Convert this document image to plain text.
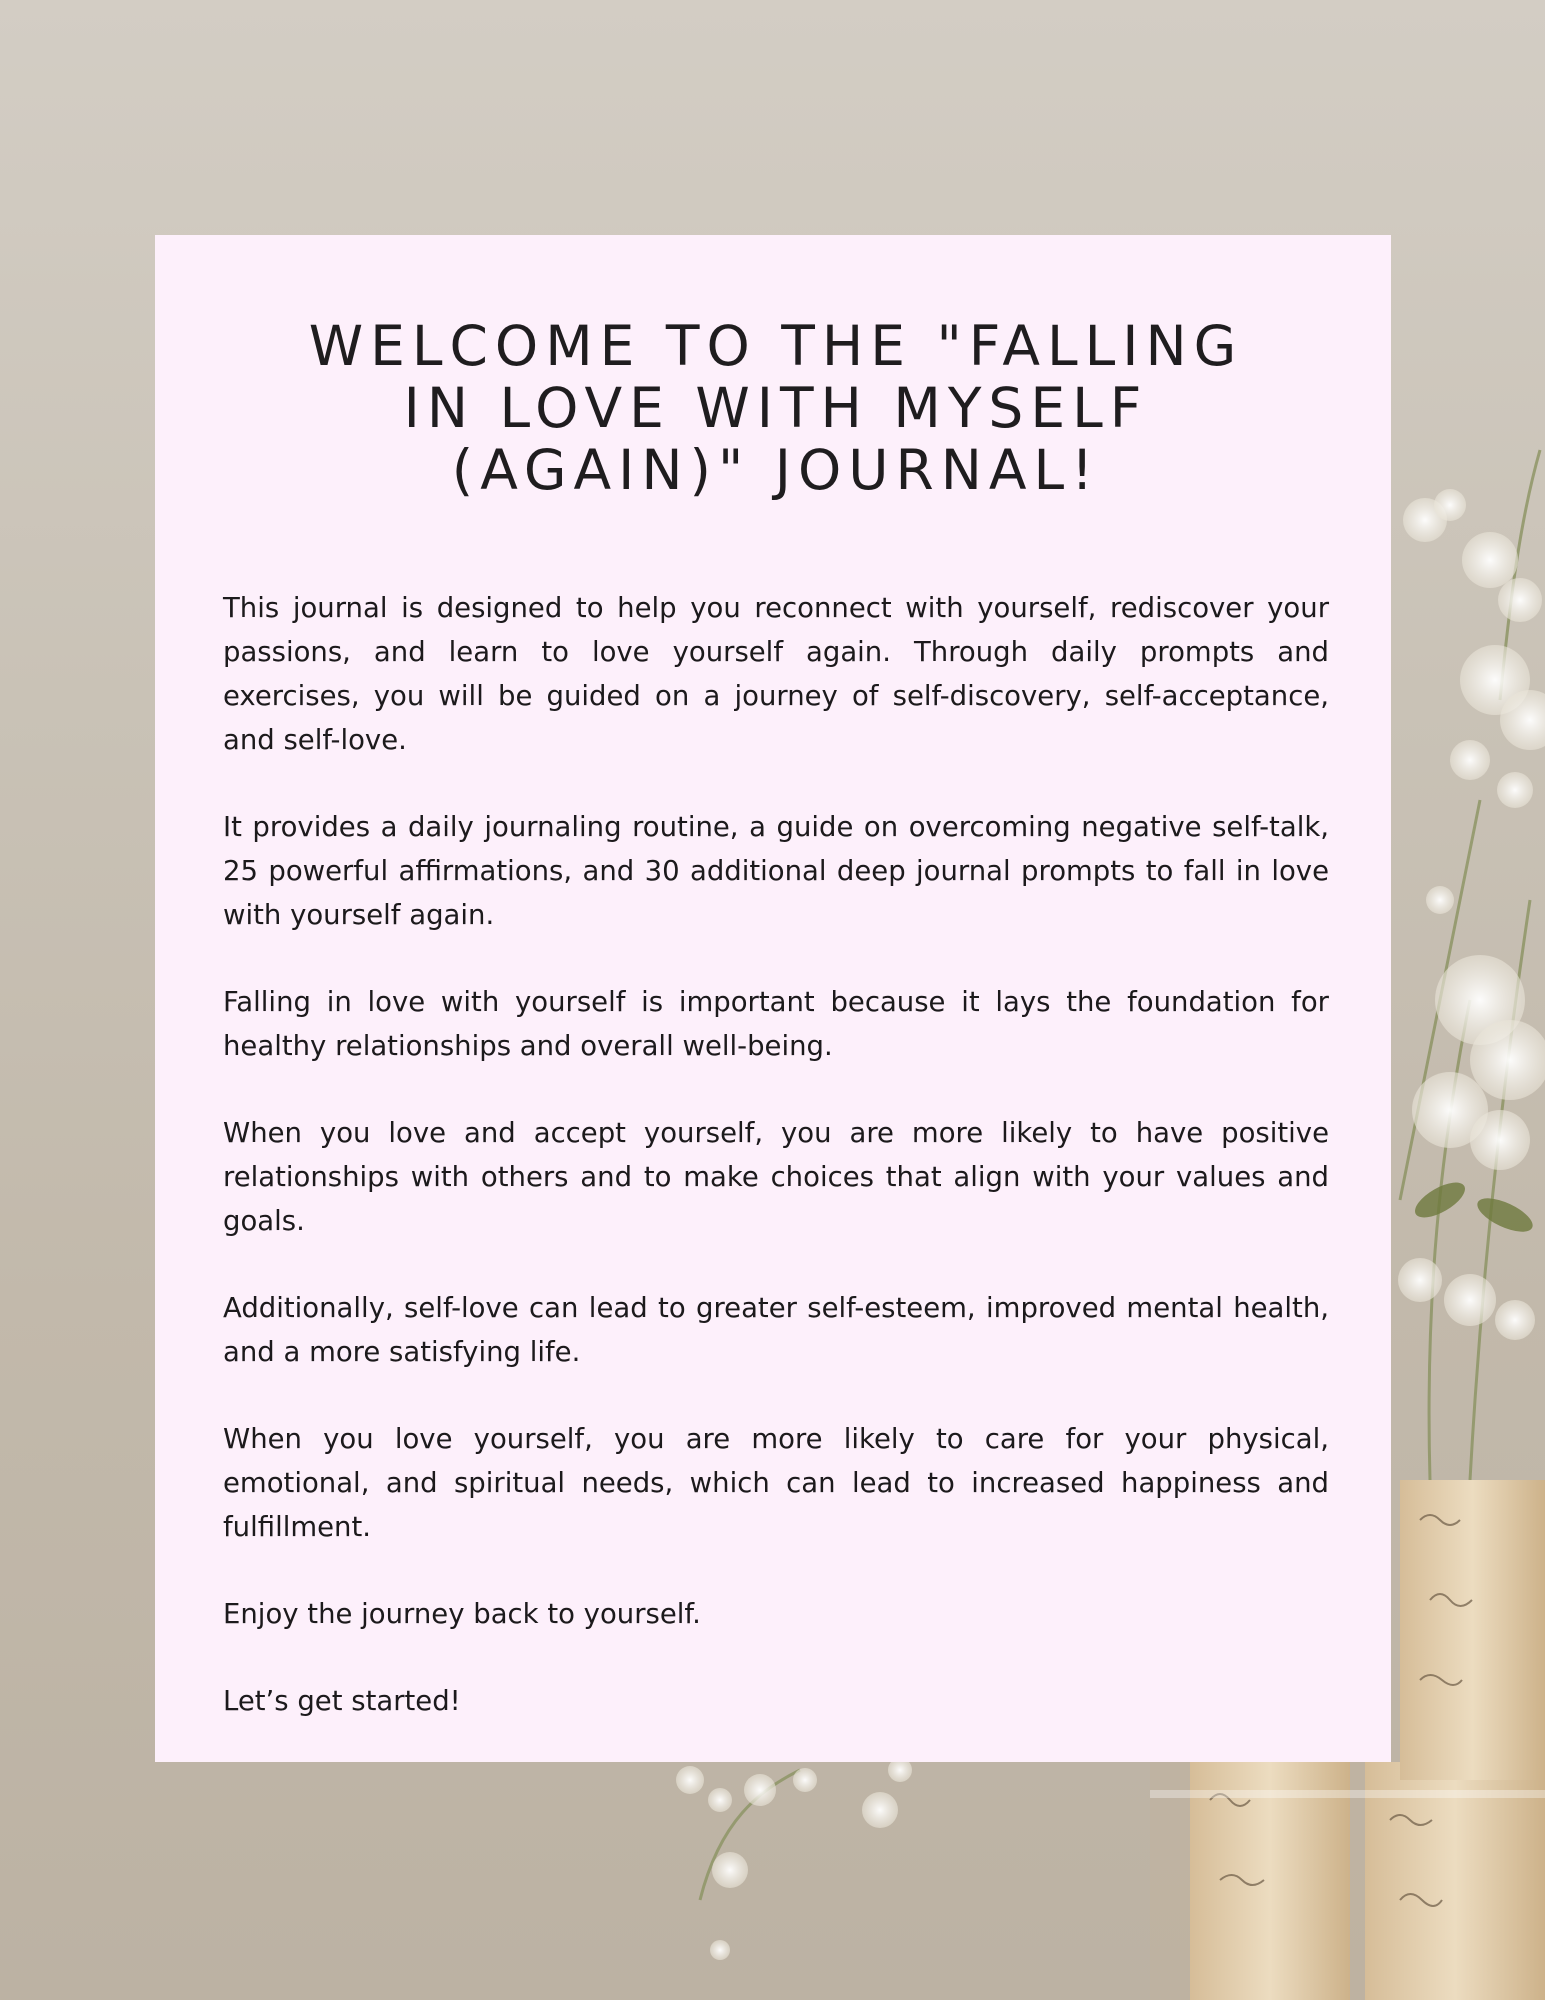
WELCOME TO THE "FALLING IN LOVE WITH MYSELF (AGAIN)" JOURNAL!

This journal is designed to help you reconnect with yourself, rediscover your passions, and learn to love yourself again. Through daily prompts and exercises, you will be guided on a journey of self-discovery, self-acceptance, and self-love.

It provides a daily journaling routine, a guide on overcoming negative self-talk, 25 powerful affirmations, and 30 additional deep journal prompts to fall in love with yourself again.

Falling in love with yourself is important because it lays the foundation for healthy relationships and overall well-being.

When you love and accept yourself, you are more likely to have positive relationships with others and to make choices that align with your values and goals.

Additionally, self-love can lead to greater self-esteem, improved mental health, and a more satisfying life.

When you love yourself, you are more likely to care for your physical, emotional, and spiritual needs, which can lead to increased happiness and fulfillment.

Enjoy the journey back to yourself.

Let’s get started!
